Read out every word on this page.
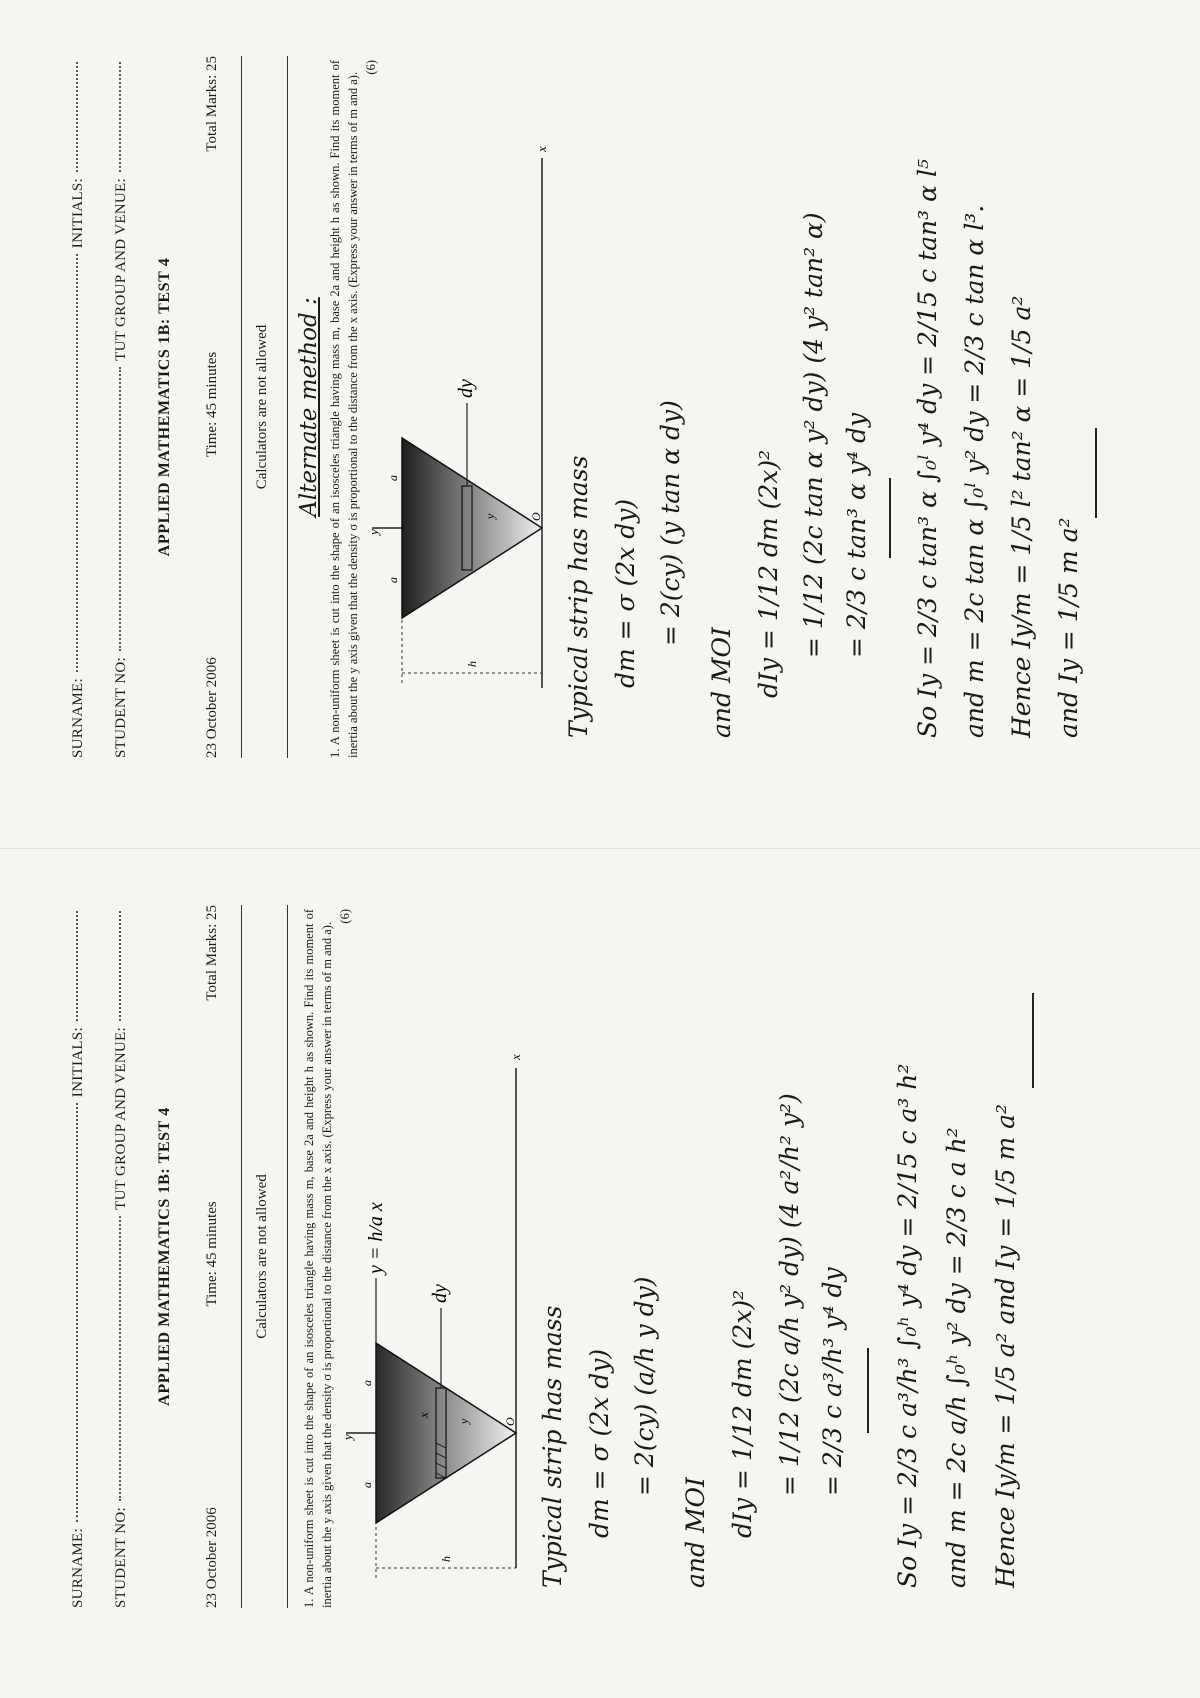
SURNAME:
INITIALS:
STUDENT NO:
TUT GROUP AND VENUE: APPLIED MATHEMATICS 1B: TEST 4
23 October 2006
Time: 45 minutes
Total Marks: 25
Calculators are not allowed	1. A non-uniform sheet is cut into the shape of an isosceles triangle having mass m, base 2a and height h as shown. Find its moment of inertia about the y axis given that the density σ is proportional to the distance from the x axis. (Express your answer in terms of m and a).
(6)
y
x
O
a
a
h
y
x
dy
y = h/a x

Typical strip has mass dm = σ (2x dy) = 2(cy) (a/h y dy)

and MOI dIy = 1/12 dm (2x)² = 1/12 (2c a/h y² dy) (4 a²/h² y²) = 2/3 c a³/h³ y⁴ dy So Iy = 2/3 c a³/h³ ∫₀ʰ y⁴ dy = 2/15 c a³ h² and m = 2c a/h ∫₀ʰ y² dy = 2/3 c a h² Hence Iy/m = 1/5 a² and Iy = 1/5 m a²

SURNAME:
INITIALS:
STUDENT NO:
TUT GROUP AND VENUE: APPLIED MATHEMATICS 1B: TEST 4
23 October 2006
Time: 45 minutes
Total Marks: 25
Calculators are not allowed	Alternate method : 1. A non-uniform sheet is cut into the shape of an isosceles triangle having mass m, base 2a and height h as shown. Find its moment of inertia about the y axis given that the density σ is proportional to the distance from the x axis. (Express your answer in terms of m and a).
(6)
y
x
O
a
a
h
y
dy

Typical strip has mass dm = σ (2x dy) = 2(cy) (y tan α dy)

and MOI dIy = 1/12 dm (2x)² = 1/12 (2c tan α y² dy) (4 y² tan² α) = 2/3 c tan³ α y⁴ dy So Iy = 2/3 c tan³ α ∫₀ˡ y⁴ dy = 2/15 c tan³ α l⁵ and m = 2c tan α ∫₀ˡ y² dy = 2/3 c tan α l³. Hence Iy/m = 1/5 l² tan² α = 1/5 a² and Iy = 1/5 m a²
